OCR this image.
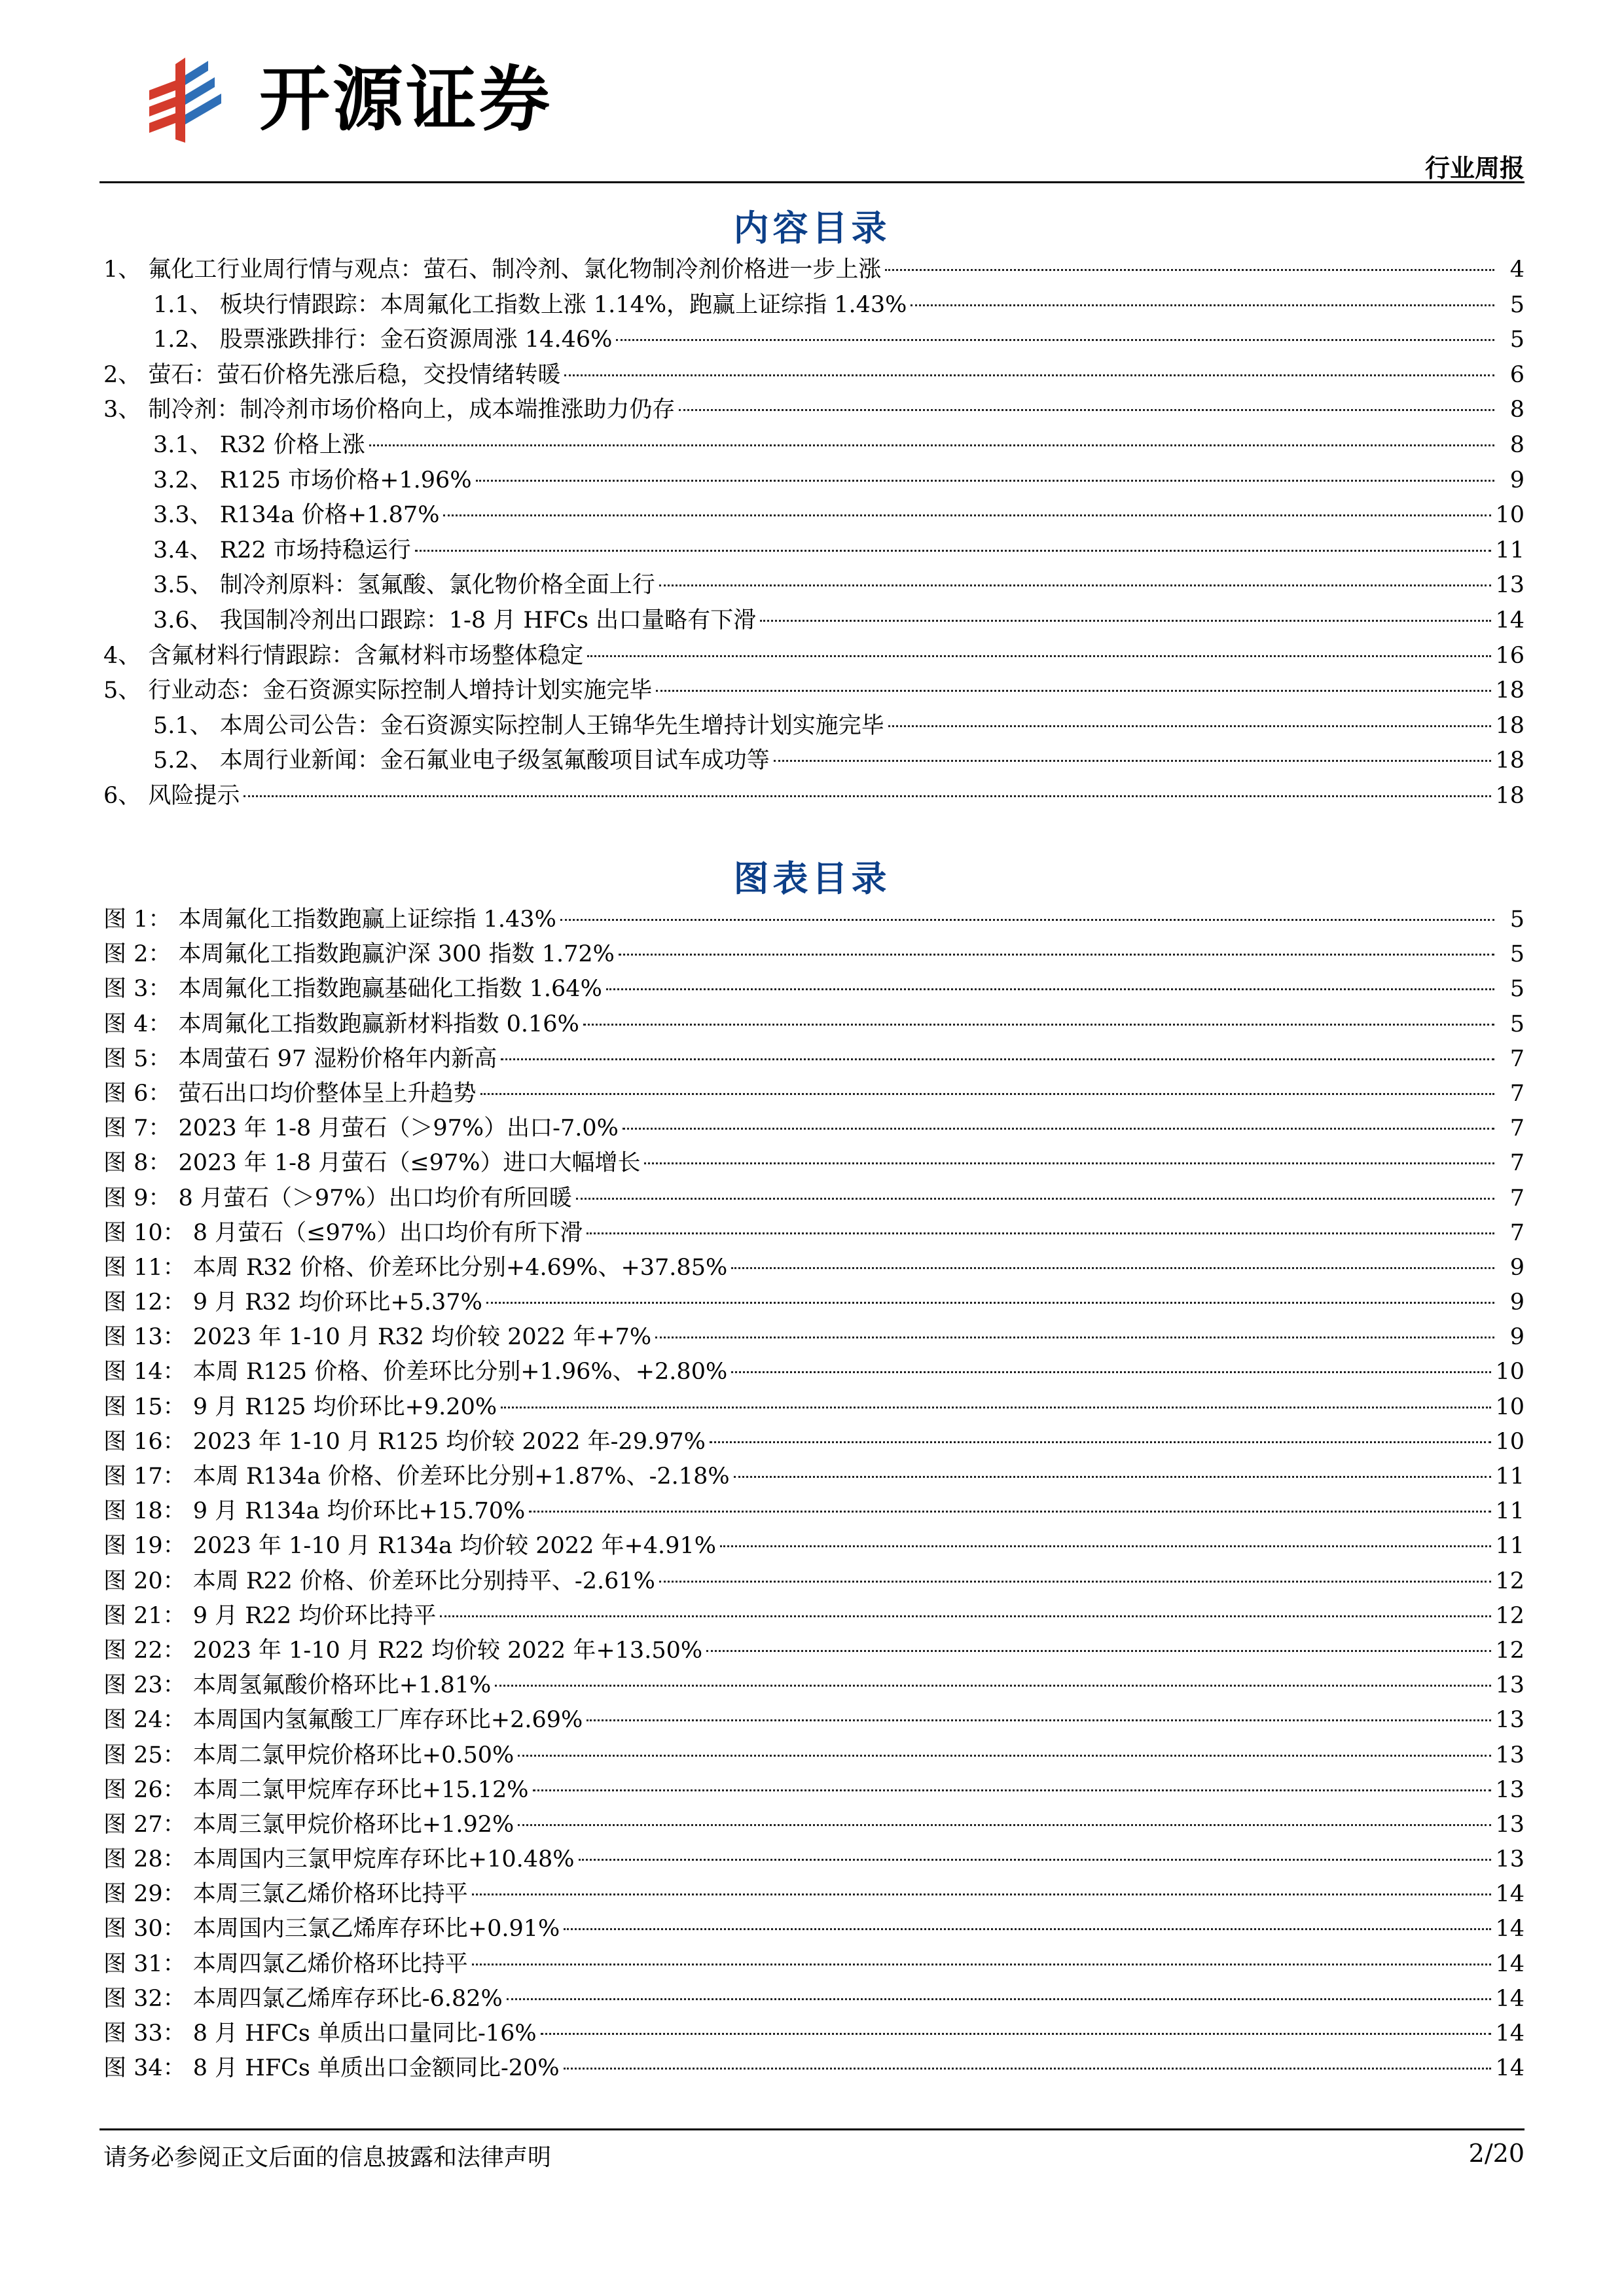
开源证券
行业周报
内容目录
1、 氟化工行业周行情与观点：萤石、制冷剂、氯化物制冷剂价格进一步上涨	4
1.1、 板块行情跟踪：本周氟化工指数上涨 1.14%，跑赢上证综指 1.43%	5
1.2、 股票涨跌排行：金石资源周涨 14.46%	5
2、 萤石：萤石价格先涨后稳，交投情绪转暖	6
3、 制冷剂：制冷剂市场价格向上，成本端推涨助力仍存	8
3.1、 R32 价格上涨	8
3.2、 R125 市场价格+1.96%	9
3.3、 R134a 价格+1.87%	10
3.4、 R22 市场持稳运行	11
3.5、 制冷剂原料：氢氟酸、氯化物价格全面上行	13
3.6、 我国制冷剂出口跟踪：1-8 月 HFCs 出口量略有下滑	14
4、 含氟材料行情跟踪：含氟材料市场整体稳定	16
5、 行业动态：金石资源实际控制人增持计划实施完毕	18
5.1、 本周公司公告：金石资源实际控制人王锦华先生增持计划实施完毕	18
5.2、 本周行业新闻：金石氟业电子级氢氟酸项目试车成功等	18
6、 风险提示	18
图表目录
图 1： 本周氟化工指数跑赢上证综指 1.43%	5
图 2： 本周氟化工指数跑赢沪深 300 指数 1.72%	5
图 3： 本周氟化工指数跑赢基础化工指数 1.64%	5
图 4： 本周氟化工指数跑赢新材料指数 0.16%	5
图 5： 本周萤石 97 湿粉价格年内新高	7
图 6： 萤石出口均价整体呈上升趋势	7
图 7： 2023 年 1-8 月萤石（＞97%）出口-7.0%	7
图 8： 2023 年 1-8 月萤石（≤97%）进口大幅增长	7
图 9： 8 月萤石（＞97%）出口均价有所回暖	7
图 10： 8 月萤石（≤97%）出口均价有所下滑	7
图 11： 本周 R32 价格、价差环比分别+4.69%、+37.85%	9
图 12： 9 月 R32 均价环比+5.37%	9
图 13： 2023 年 1-10 月 R32 均价较 2022 年+7%	9
图 14： 本周 R125 价格、价差环比分别+1.96%、+2.80%	10
图 15： 9 月 R125 均价环比+9.20%	10
图 16： 2023 年 1-10 月 R125 均价较 2022 年-29.97%	10
图 17： 本周 R134a 价格、价差环比分别+1.87%、-2.18%	11
图 18： 9 月 R134a 均价环比+15.70%	11
图 19： 2023 年 1-10 月 R134a 均价较 2022 年+4.91%	11
图 20： 本周 R22 价格、价差环比分别持平、-2.61%	12
图 21： 9 月 R22 均价环比持平	12
图 22： 2023 年 1-10 月 R22 均价较 2022 年+13.50%	12
图 23： 本周氢氟酸价格环比+1.81%	13
图 24： 本周国内氢氟酸工厂库存环比+2.69%	13
图 25： 本周二氯甲烷价格环比+0.50%	13
图 26： 本周二氯甲烷库存环比+15.12%	13
图 27： 本周三氯甲烷价格环比+1.92%	13
图 28： 本周国内三氯甲烷库存环比+10.48%	13
图 29： 本周三氯乙烯价格环比持平	14
图 30： 本周国内三氯乙烯库存环比+0.91%	14
图 31： 本周四氯乙烯价格环比持平	14
图 32： 本周四氯乙烯库存环比-6.82%	14
图 33： 8 月 HFCs 单质出口量同比-16%	14
图 34： 8 月 HFCs 单质出口金额同比-20%	14
请务必参阅正文后面的信息披露和法律声明	2/20
